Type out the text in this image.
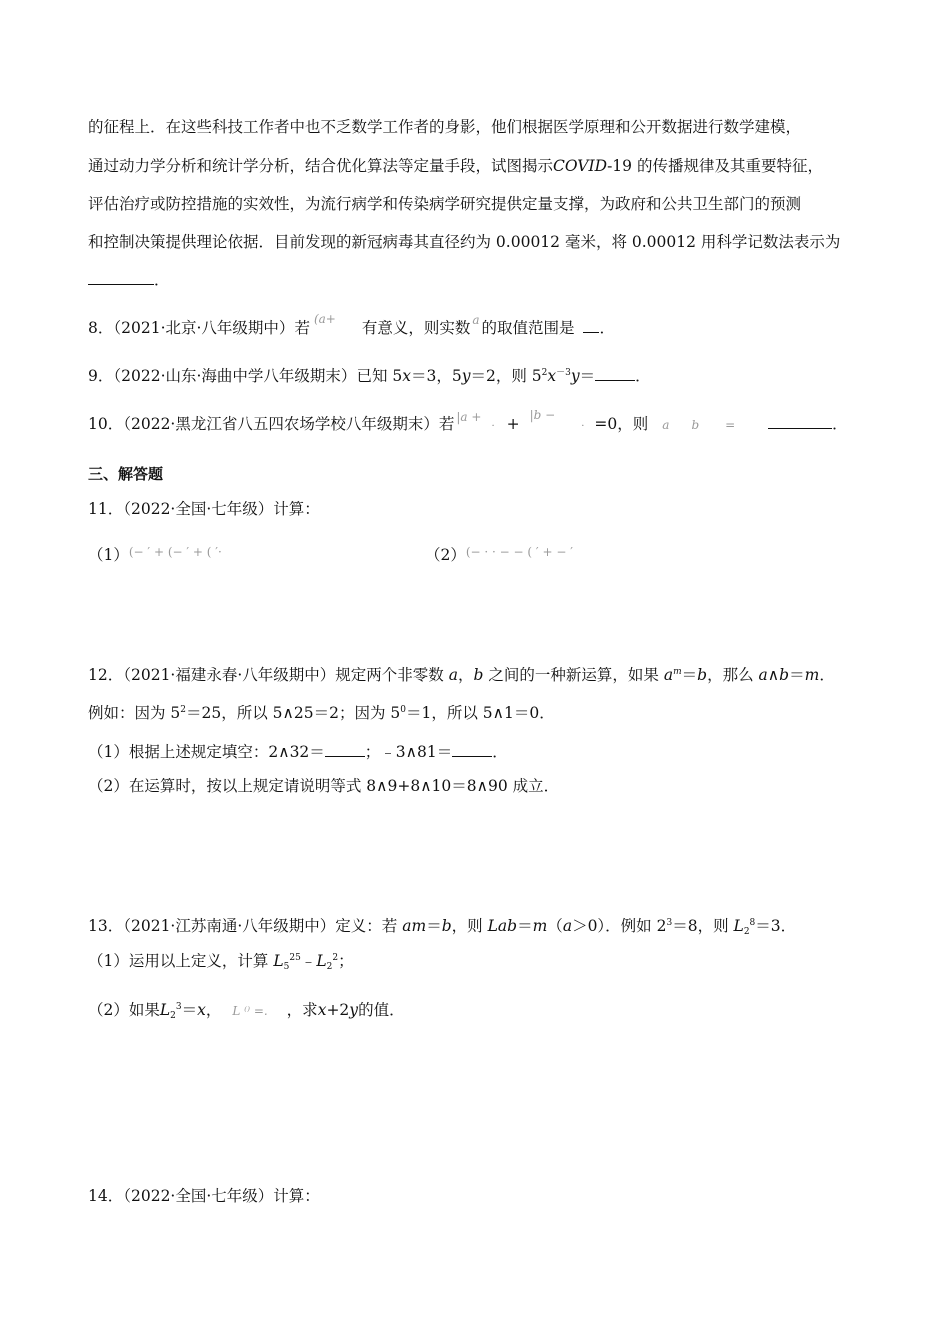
的征程上．在这些科技工作者中也不乏数学工作者的身影，他们根据医学原理和公开数据进行数学建模，
通过动力学分析和统计学分析，结合优化算法等定量手段，试图揭示COVID-19 的传播规律及其重要特征，
评估治疗或防控措施的实效性，为流行病学和传染病学研究提供定量支撑，为政府和公共卫生部门的预测
和控制决策提供理论依据．目前发现的新冠病毒其直径约为 0.00012 毫米，将 0.00012 用科学记数法表示为
．
8．（2021·北京·八年级期中）若 $^{(a+}$ 有意义，则实数 $^a$ 的取值范围是 ．
9．（2022·山东·海曲中学八年级期末）已知 5x＝3，5y＝2，则 $5^2x^{-3}y=$	．
10．（2022·黑龙江省八五四农场学校八年级期末）若 $^{|a +}$· + $^{|b -}$· =0，则 a b =	．
三、解答题
11．（2022·全国·七年级）计算：
（1）(− ′ + (− ′ + ( ′·	（2）(− · · − − ( ′ + − ′
12．（2021·福建永春·八年级期中）规定两个非零数 a，b 之间的一种新运算，如果 $a^m=b$，那么 a∧b＝m．
例如：因为 $5^2=25$，所以 5∧25＝2；因为 $5^0=1$，所以 5∧1＝0．
（1）根据上述规定填空：2∧32＝	；﹣3∧81＝	．
（2）在运算时，按以上规定请说明等式 8∧9+8∧10＝8∧90 成立．
13．（2021·江苏南通·八年级期中）定义：若 am＝b，则 Lab＝m（a＞0）．例如 $2^3=8$，则 $L_2^8=3$．
（1）运用以上定义，计算 $L_5^{25}﹣L_2^2$；
（2）如果$L_2^3=x$， L ⁽⁾ =. ，求x+2y的值．
14．（2022·全国·七年级）计算：
